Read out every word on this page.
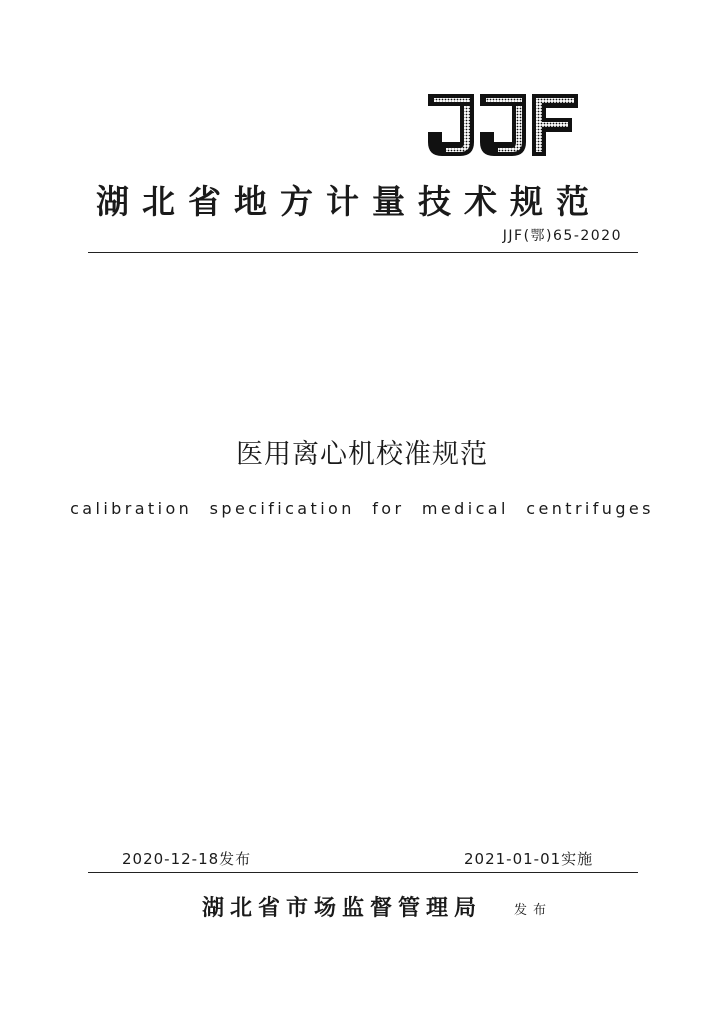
湖北省地方计量技术规范
JJF(鄂)65-2020
医用离心机校准规范
calibration specification for medical centrifuges
2020-12-18发布	2021-01-01实施
湖北省市场监督管理局 发布
